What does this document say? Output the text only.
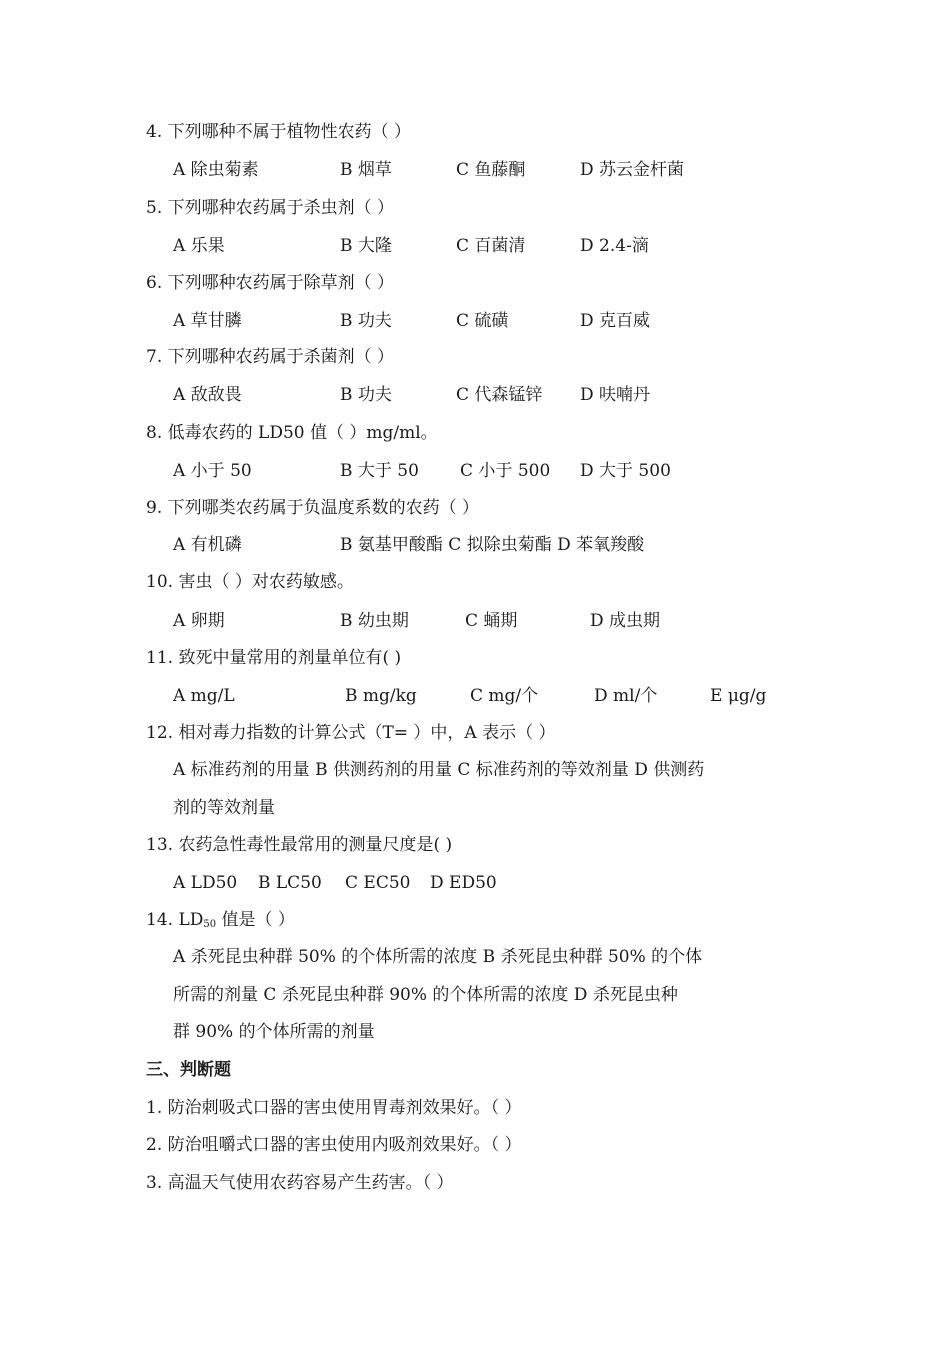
4. 下列哪种不属于植物性农药（ ）
A 除虫菊素	B 烟草	C 鱼藤酮	D 苏云金杆菌
5. 下列哪种农药属于杀虫剂（ ）
A 乐果	B 大隆	C 百菌清	D 2.4-滴
6. 下列哪种农药属于除草剂（ ）
A 草甘膦	B 功夫	C 硫磺	D 克百威
7. 下列哪种农药属于杀菌剂（ ）
A 敌敌畏	B 功夫	C 代森锰锌 D 呋喃丹
8. 低毒农药的 LD50 值（ ）mg/ml。
A 小于 50	B 大于 50 C 小于 500 D 大于 500
9. 下列哪类农药属于负温度系数的农药（ ）
A 有机磷	B 氨基甲酸酯 C 拟除虫菊酯 D 苯氧羧酸
10. 害虫（ ）对农药敏感。
A 卵期	B 幼虫期	C 蛹期	D 成虫期
11. 致死中量常用的剂量单位有( )
A mg/L	B mg/kg	C mg/个	D ml/个	E μg/g
12. 相对毒力指数的计算公式（T= ）中，A 表示（ ）
A 标准药剂的用量 B 供测药剂的用量 C 标准药剂的等效剂量 D 供测药
剂的等效剂量
13. 农药急性毒性最常用的测量尺度是( )
A LD50 B LC50 C EC50 D ED50
14. $LD_{50}$ 值是（ ）
A 杀死昆虫种群 50% 的个体所需的浓度 B 杀死昆虫种群 50% 的个体
所需的剂量 C 杀死昆虫种群 90% 的个体所需的浓度 D 杀死昆虫种
群 90% 的个体所需的剂量
三、判断题
1. 防治刺吸式口器的害虫使用胃毒剂效果好。（ ）
2. 防治咀嚼式口器的害虫使用内吸剂效果好。（ ）
3. 高温天气使用农药容易产生药害。（ ）
